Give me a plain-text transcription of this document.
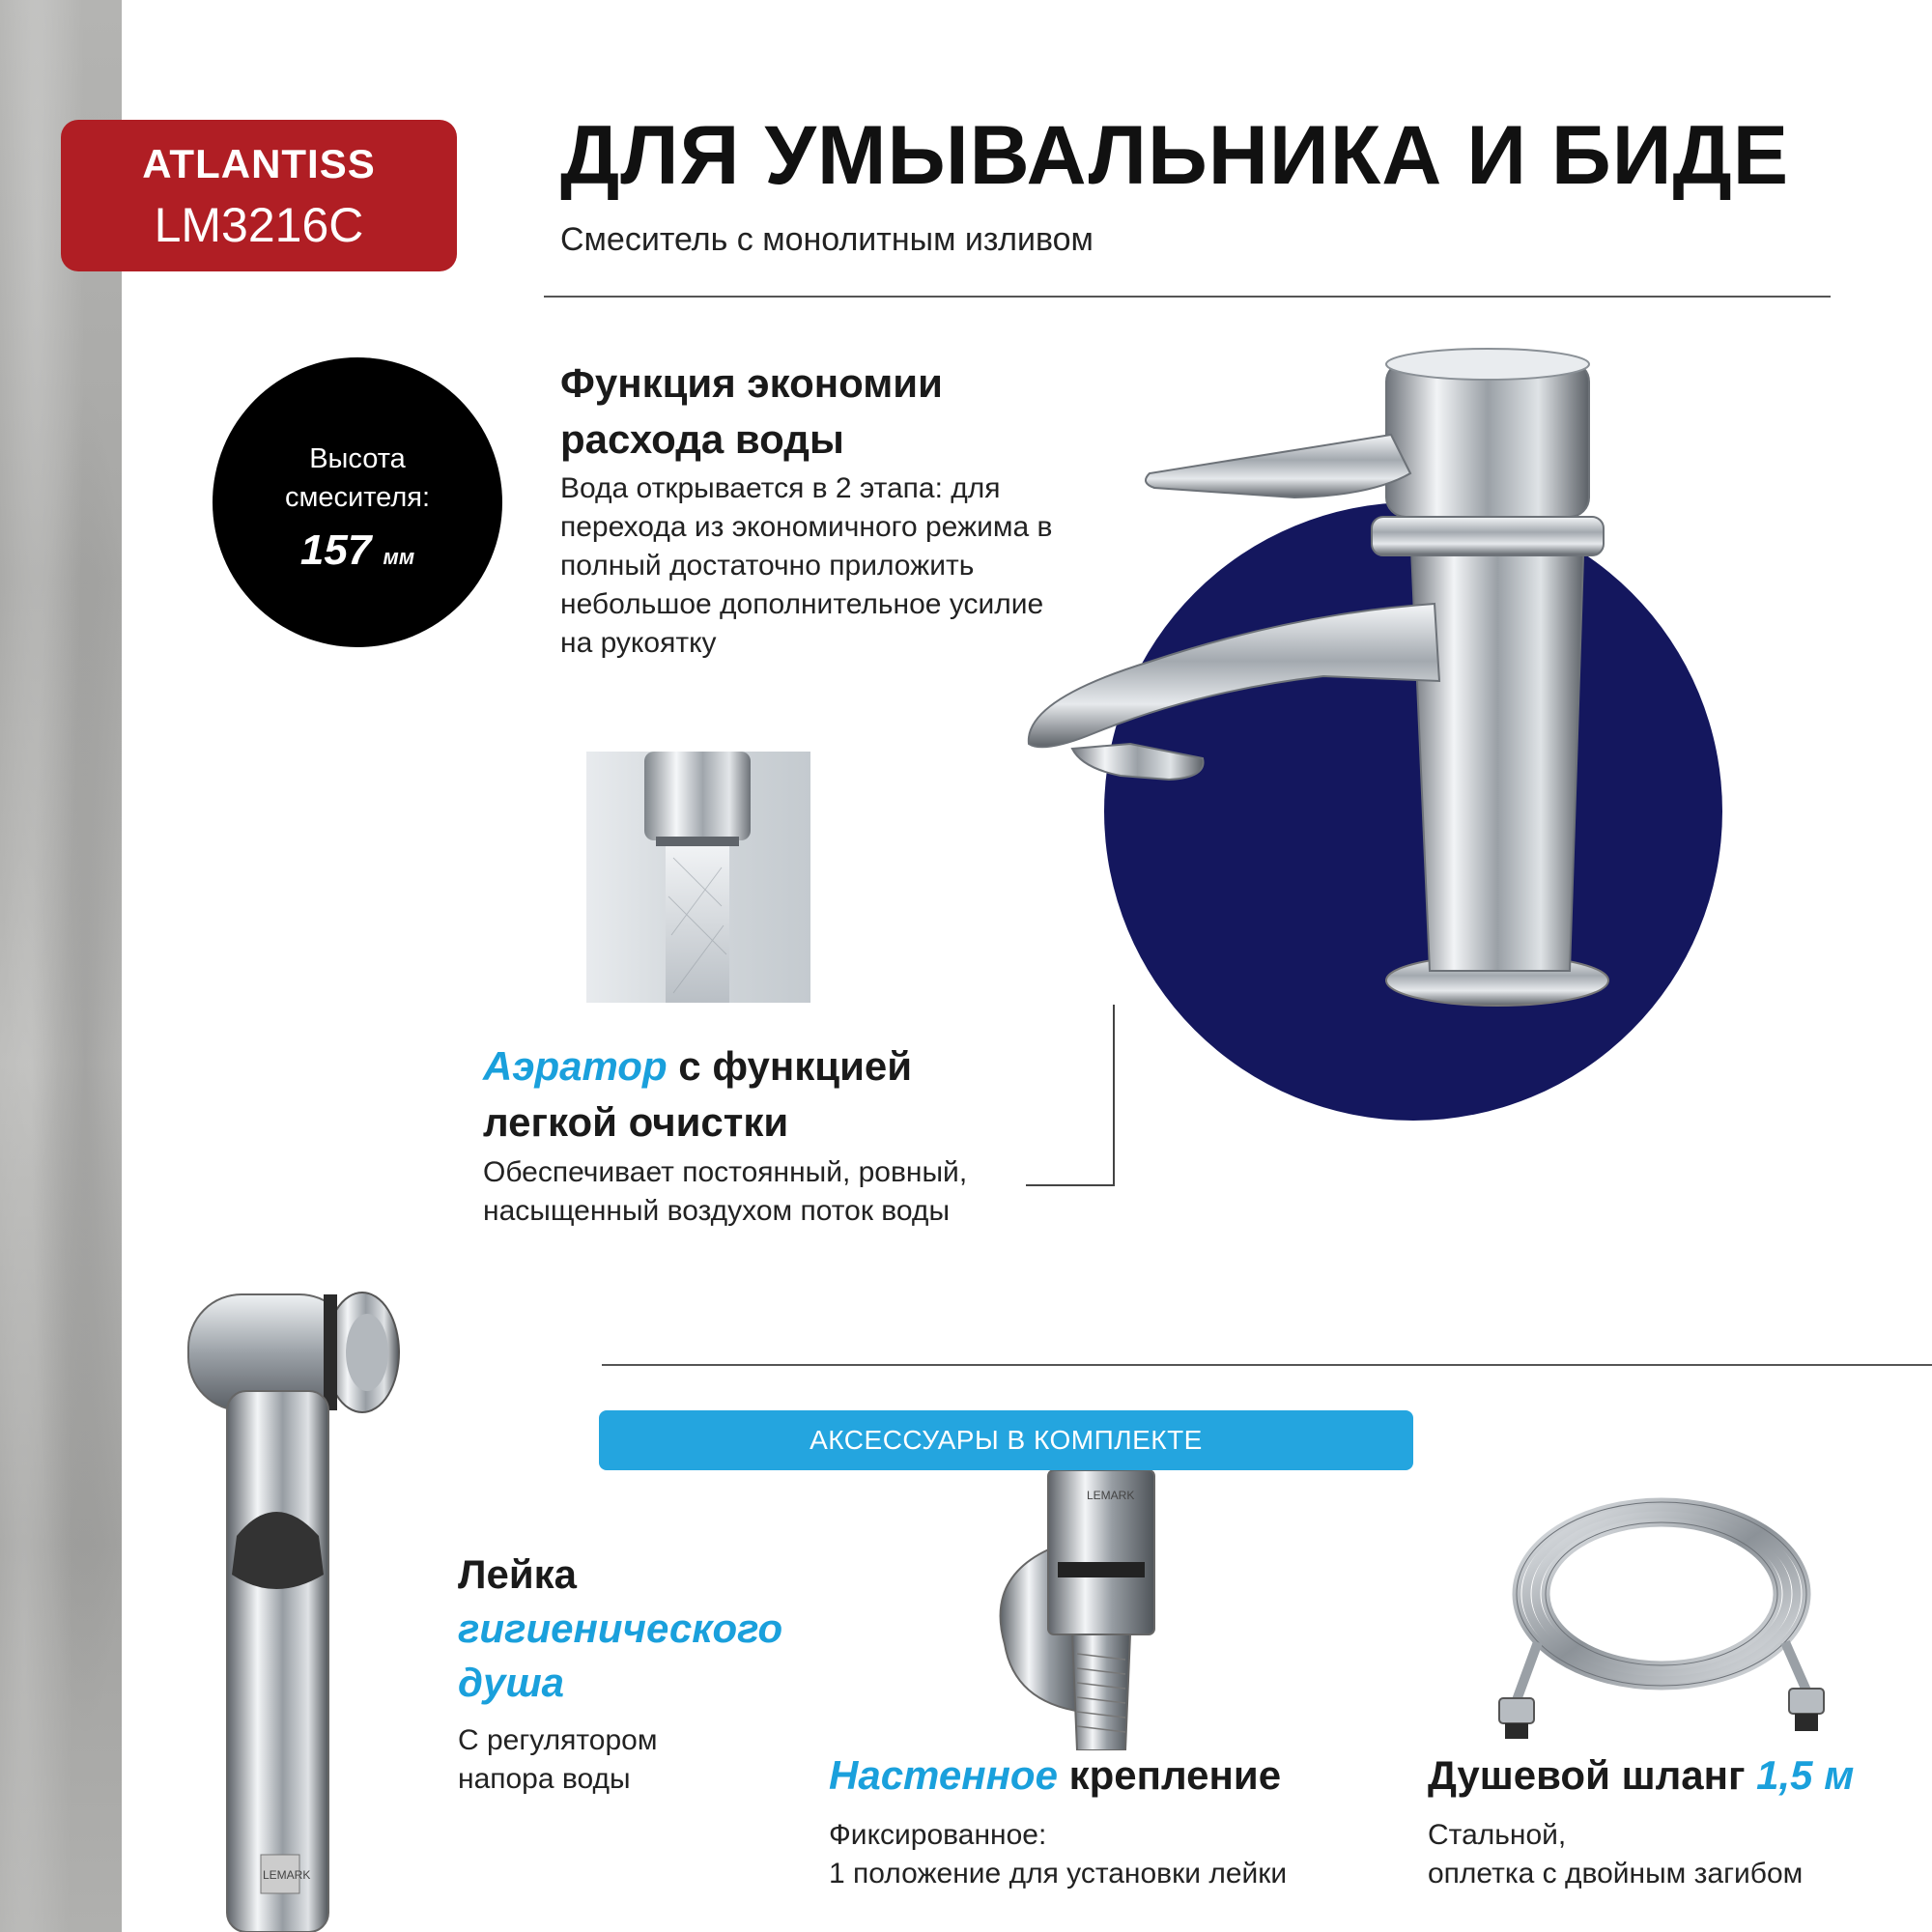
ATLANTISS
LM3216C
ДЛЯ УМЫВАЛЬНИКА И БИДЕ
Смеситель с монолитным изливом
Высота
смесителя:
157 мм
Функция экономии
расхода воды
Вода открывается в 2 этапа: для перехода из экономичного режима в полный достаточно приложить небольшое дополнительное усилие на рукоятку
Аэратор с функцией
легкой очистки
Обеспечивает постоянный, ровный, насыщенный воздухом поток воды
АКСЕССУАРЫ В КОМПЛЕКТЕ
LEMARK
Лейка
гигиенического
душа
С регулятором напора воды
LEMARK
Настенное крепление
Фиксированное:
1 положение для установки лейки
Душевой шланг 1,5 м
Стальной,
оплетка с двойным загибом
